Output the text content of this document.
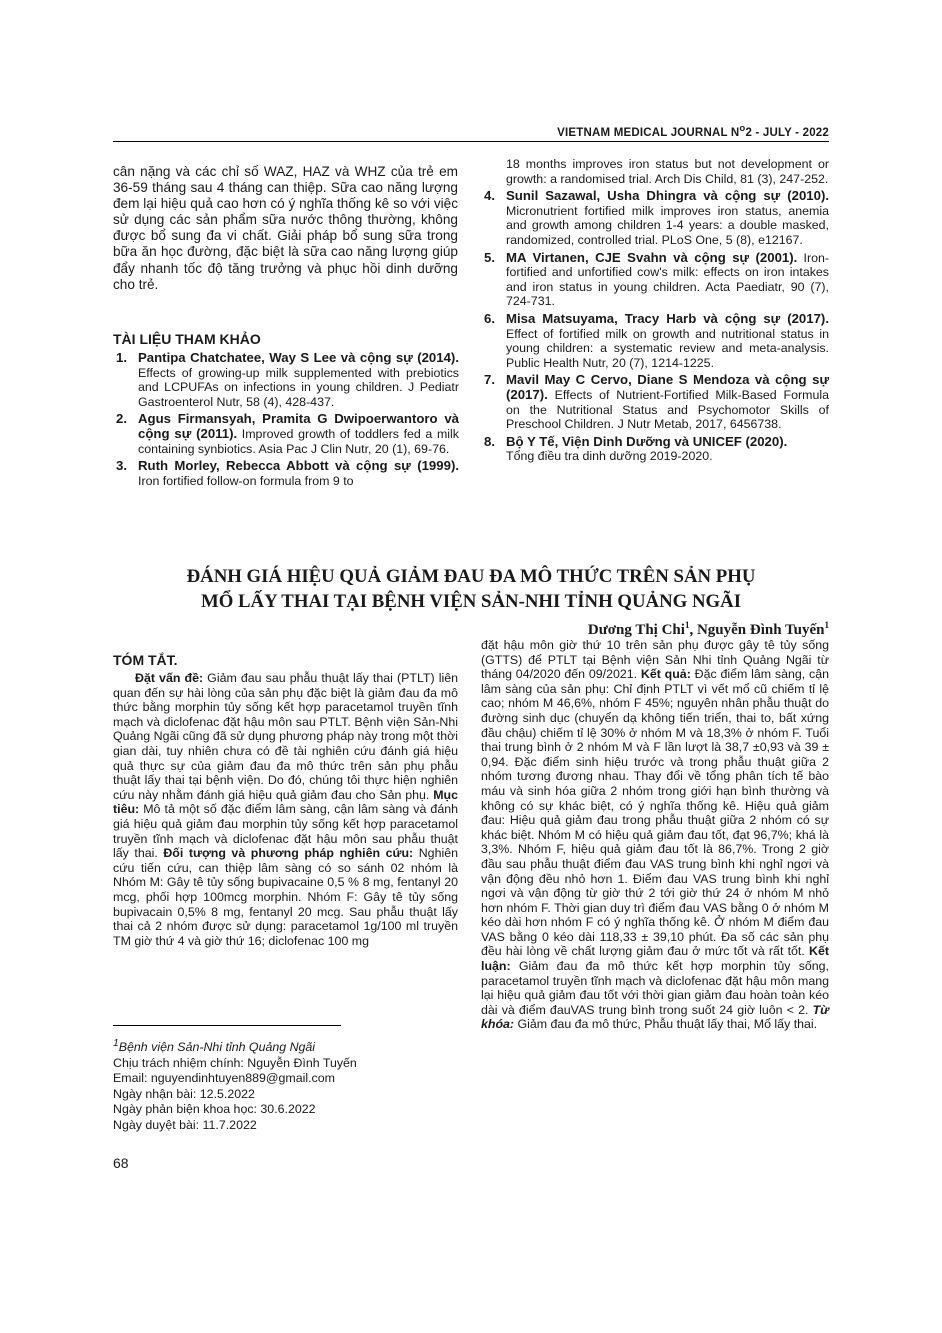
VIETNAM MEDICAL JOURNAL $N^o2$ - JULY - 2022
cân nặng và các chỉ số WAZ, HAZ và WHZ của trẻ em 36-59 tháng sau 4 tháng can thiệp. Sữa cao năng lượng đem lại hiệu quả cao hơn có ý nghĩa thống kê so với việc sử dụng các sản phẩm sữa nước thông thường, không được bổ sung đa vi chất. Giải pháp bổ sung sữa trong bữa ăn học đường, đặc biệt là sữa cao năng lượng giúp đẩy nhanh tốc độ tăng trưởng và phục hồi dinh dưỡng cho trẻ.
TÀI LIỆU THAM KHẢO
1. Pantipa Chatchatee, Way S Lee và cộng sự (2014). Effects of growing-up milk supplemented with prebiotics and LCPUFAs on infections in young children. J Pediatr Gastroenterol Nutr, 58 (4), 428-437.
2. Agus Firmansyah, Pramita G Dwipoerwantoro và cộng sự (2011). Improved growth of toddlers fed a milk containing synbiotics. Asia Pac J Clin Nutr, 20 (1), 69-76.
3. Ruth Morley, Rebecca Abbott và cộng sự (1999). Iron fortified follow-on formula from 9 to
18 months improves iron status but not development or growth: a randomised trial. Arch Dis Child, 81 (3), 247-252.
4. Sunil Sazawal, Usha Dhingra và cộng sự (2010). Micronutrient fortified milk improves iron status, anemia and growth among children 1-4 years: a double masked, randomized, controlled trial. PLoS One, 5 (8), e12167.
5. MA Virtanen, CJE Svahn và cộng sự (2001). Iron-fortified and unfortified cow's milk: effects on iron intakes and iron status in young children. Acta Paediatr, 90 (7), 724-731.
6. Misa Matsuyama, Tracy Harb và cộng sự (2017). Effect of fortified milk on growth and nutritional status in young children: a systematic review and meta-analysis. Public Health Nutr, 20 (7), 1214-1225.
7. Mavil May C Cervo, Diane S Mendoza và cộng sự (2017). Effects of Nutrient-Fortified Milk-Based Formula on the Nutritional Status and Psychomotor Skills of Preschool Children. J Nutr Metab, 2017, 6456738.
8. Bộ Y Tế, Viện Dinh Dưỡng và UNICEF (2020).
Tổng điều tra dinh dưỡng 2019-2020.
ĐÁNH GIÁ HIỆU QUẢ GIẢM ĐAU ĐA MÔ THỨC TRÊN SẢN PHỤ
MỔ LẤY THAI TẠI BỆNH VIỆN SẢN-NHI TỈNH QUẢNG NGÃI
Dương Thị Chi$^1$, Nguyễn Đình Tuyến$^1$
TÓM TẮT.
Đặt vấn đề: Giảm đau sau phẫu thuật lấy thai (PTLT) liên quan đến sự hài lòng của sản phụ đặc biệt là giảm đau đa mô thức bằng morphin tủy sống kết hợp paracetamol truyền tĩnh mạch và diclofenac đặt hậu môn sau PTLT. Bệnh viện Sản-Nhi Quảng Ngãi cũng đã sử dụng phương pháp này trong một thời gian dài, tuy nhiên chưa có đề tài nghiên cứu đánh giá hiệu quả thực sự của giảm đau đa mô thức trên sản phụ phẫu thuật lấy thai tại bệnh viện. Do đó, chúng tôi thực hiện nghiên cứu này nhằm đánh giá hiệu quả giảm đau cho Sản phụ. Mục tiêu: Mô tả một số đặc điểm lâm sàng, cận lâm sàng và đánh giá hiệu quả giảm đau morphin tủy sống kết hợp paracetamol truyền tĩnh mạch và diclofenac đặt hậu môn sau phẫu thuật lấy thai. Đối tượng và phương pháp nghiên cứu: Nghiên cứu tiến cứu, can thiệp lâm sàng có so sánh 02 nhóm là Nhóm M: Gây tê tủy sống bupivacaine 0,5 % 8 mg, fentanyl 20 mcg, phối hợp 100mcg morphin. Nhóm F: Gây tê tủy sống bupivacain 0,5% 8 mg, fentanyl 20 mcg. Sau phẫu thuật lấy thai cả 2 nhóm được sử dụng: paracetamol 1g/100 ml truyền TM giờ thứ 4 và giờ thứ 16; diclofenac 100 mg
đặt hậu môn giờ thứ 10 trên sản phụ được gây tê tủy sống (GTTS) để PTLT tại Bệnh viện Sản Nhi tỉnh Quảng Ngãi từ tháng 04/2020 đến 09/2021. Kết quả: Đặc điểm lâm sàng, cận lâm sàng của sản phụ: Chỉ định PTLT vì vết mổ cũ chiếm tỉ lệ cao; nhóm M 46,6%, nhóm F 45%; nguyên nhân phẫu thuật do đường sinh dục (chuyển dạ không tiến triển, thai to, bất xứng đầu chậu) chiếm tỉ lệ 30% ở nhóm M và 18,3% ở nhóm F. Tuổi thai trung bình ở 2 nhóm M và F lần lượt là 38,7 ±0,93 và 39 ± 0,94. Đặc điểm sinh hiệu trước và trong phẫu thuật giữa 2 nhóm tương đương nhau. Thay đổi về tổng phân tích tế bào máu và sinh hóa giữa 2 nhóm trong giới hạn bình thường và không có sự khác biệt, có ý nghĩa thống kê. Hiệu quả giảm đau: Hiệu quả giảm đau trong phẫu thuật giữa 2 nhóm có sự khác biệt. Nhóm M có hiệu quả giảm đau tốt, đạt 96,7%; khá là 3,3%. Nhóm F, hiệu quả giảm đau tốt là 86,7%. Trong 2 giờ đầu sau phẫu thuật điểm đau VAS trung bình khi nghỉ ngơi và vận động đều nhỏ hơn 1. Điểm đau VAS trung bình khi nghỉ ngơi và vận động từ giờ thứ 2 tới giờ thứ 24 ở nhóm M nhỏ hơn nhóm F. Thời gian duy trì điểm đau VAS bằng 0 ở nhóm M kéo dài hơn nhóm F có ý nghĩa thống kê. Ở nhóm M điểm đau VAS bằng 0 kéo dài 118,33 ± 39,10 phút. Đa số các sản phụ đều hài lòng về chất lượng giảm đau ở mức tốt và rất tốt. Kết luận: Giảm đau đa mô thức kết hợp morphin tủy sống, paracetamol truyền tĩnh mạch và diclofenac đặt hậu môn mang lại hiệu quả giảm đau tốt với thời gian giảm đau hoàn toàn kéo dài và điểm đauVAS trung bình trong suốt 24 giờ luôn < 2. Từ khóa: Giảm đau đa mô thức, Phẫu thuật lấy thai, Mổ lấy thai.
$^1$Bệnh viện Sản-Nhi tỉnh Quảng Ngãi
Chịu trách nhiệm chính: Nguyễn Đình Tuyến
Email: nguyendinhtuyen889@gmail.com
Ngày nhận bài: 12.5.2022
Ngày phản biện khoa học: 30.6.2022
Ngày duyệt bài: 11.7.2022
68
